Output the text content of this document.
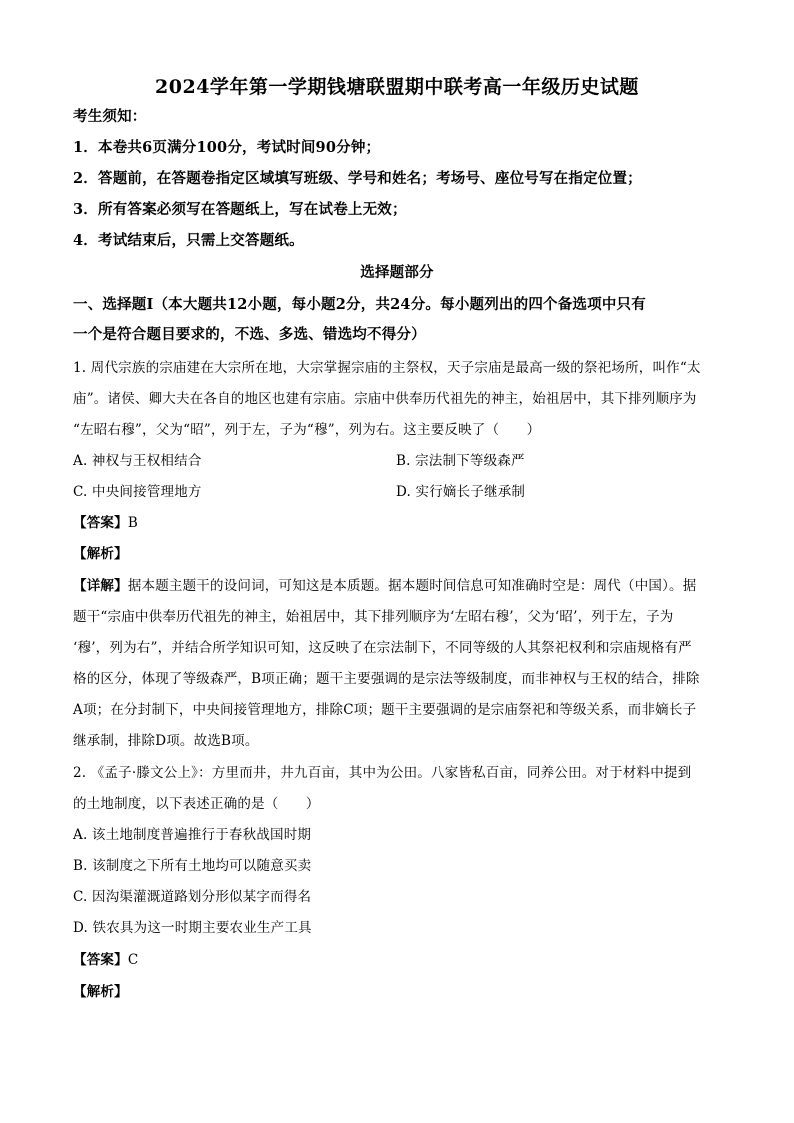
2024学年第一学期钱塘联盟期中联考高一年级历史试题
考生须知：
1．本卷共6页满分100分，考试时间90分钟；
2．答题前，在答题卷指定区域填写班级、学号和姓名；考场号、座位号写在指定位置；
3．所有答案必须写在答题纸上，写在试卷上无效；
4．考试结束后，只需上交答题纸。
选择题部分
一、选择题Ⅰ（本大题共12小题，每小题2分，共24分。每小题列出的四个备选项中只有
一个是符合题目要求的，不选、多选、错选均不得分）
1. 周代宗族的宗庙建在大宗所在地，大宗掌握宗庙的主祭权，天子宗庙是最高一级的祭祀场所，叫作“太
庙”。诸侯、卿大夫在各自的地区也建有宗庙。宗庙中供奉历代祖先的神主，始祖居中，其下排列顺序为
“左昭右穆”，父为“昭”，列于左，子为“穆”，列为右。这主要反映了（　　）
A. 神权与王权相结合	B. 宗法制下等级森严
C. 中央间接管理地方	D. 实行嫡长子继承制
【答案】B
【解析】
【详解】据本题主题干的设问词，可知这是本质题。据本题时间信息可知准确时空是：周代（中国）。据
题干“宗庙中供奉历代祖先的神主，始祖居中，其下排列顺序为‘左昭右穆’，父为‘昭’，列于左，子为
‘穆’，列为右”，并结合所学知识可知，这反映了在宗法制下，不同等级的人其祭祀权利和宗庙规格有严
格的区分，体现了等级森严，B项正确；题干主要强调的是宗法等级制度，而非神权与王权的结合，排除
A项；在分封制下，中央间接管理地方，排除C项；题干主要强调的是宗庙祭祀和等级关系，而非嫡长子
继承制，排除D项。故选B项。
2. 《孟子·滕文公上》：方里而井，井九百亩，其中为公田。八家皆私百亩，同养公田。对于材料中提到
的土地制度，以下表述正确的是（　　）
A. 该土地制度普遍推行于春秋战国时期
B. 该制度之下所有土地均可以随意买卖
C. 因沟渠灌溉道路划分形似某字而得名
D. 铁农具为这一时期主要农业生产工具
【答案】C
【解析】
